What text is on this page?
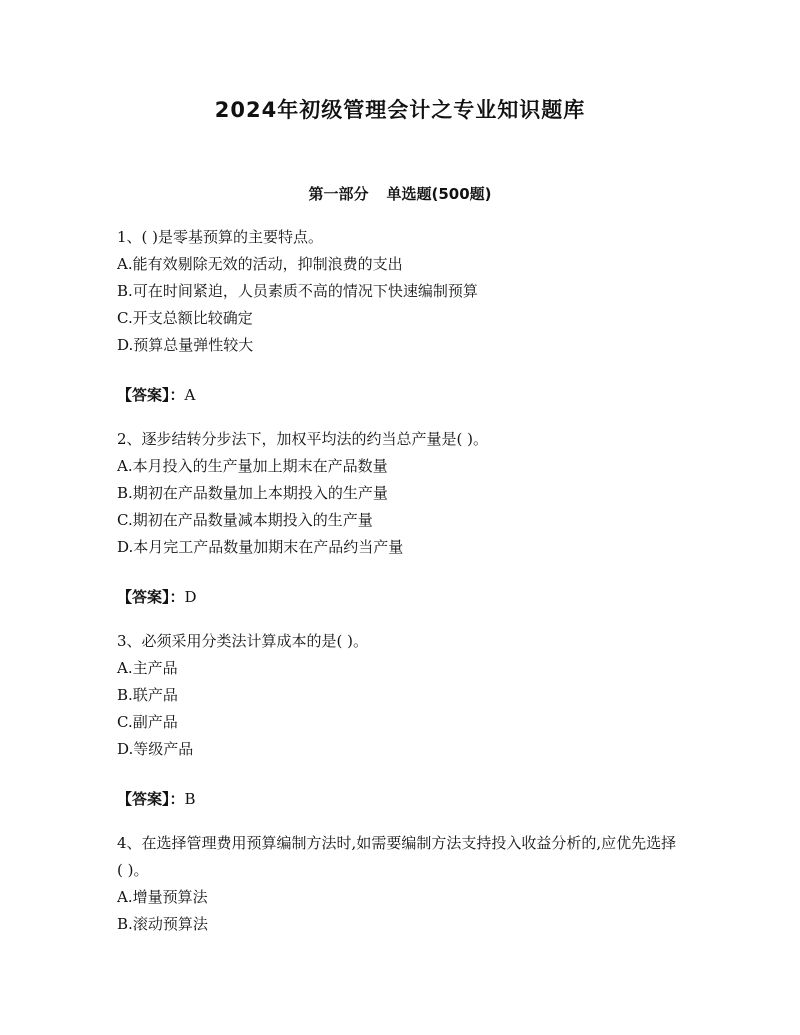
2024年初级管理会计之专业知识题库
第一部分 单选题(500题)
1、( )是零基预算的主要特点。
A . 能有效剔除无效的活动，抑制浪费的支出
B . 可在时间紧迫，人员素质不高的情况下快速编制预算
C . 开支总额比较确定
D . 预算总量弹性较大
【答案】：A
2、逐步结转分步法下，加权平均法的约当总产量是( )。
A . 本月投入的生产量加上期末在产品数量
B . 期初在产品数量加上本期投入的生产量
C . 期初在产品数量减本期投入的生产量
D . 本月完工产品数量加期末在产品约当产量
【答案】：D
3、必须采用分类法计算成本的是( )。
A . 主产品
B . 联产品
C . 副产品
D . 等级产品
【答案】：B
4、在选择管理费用预算编制方法时,如需要编制方法支持投入收益分析的,应优先选择( )。
A . 增量预算法
B . 滚动预算法
